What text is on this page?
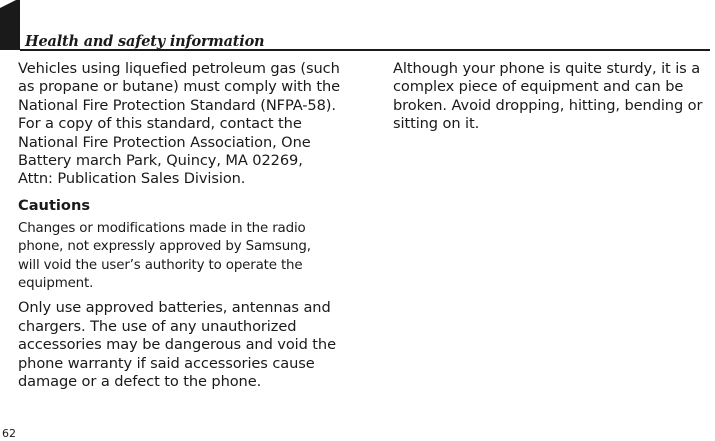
Health and safety information

Vehicles using liquefied petroleum gas (such
as propane or butane) must comply with the
National Fire Protection Standard (NFPA-58).
For a copy of this standard, contact the
National Fire Protection Association, One
Battery march Park, Quincy, MA 02269,
Attn: Publication Sales Division.

Cautions

Changes or modifications made in the radio
phone, not expressly approved by Samsung,
will void the user’s authority to operate the
equipment.

Only use approved batteries, antennas and
chargers. The use of any unauthorized
accessories may be dangerous and void the
phone warranty if said accessories cause
damage or a defect to the phone.

Although your phone is quite sturdy, it is a
complex piece of equipment and can be
broken. Avoid dropping, hitting, bending or
sitting on it.

62
